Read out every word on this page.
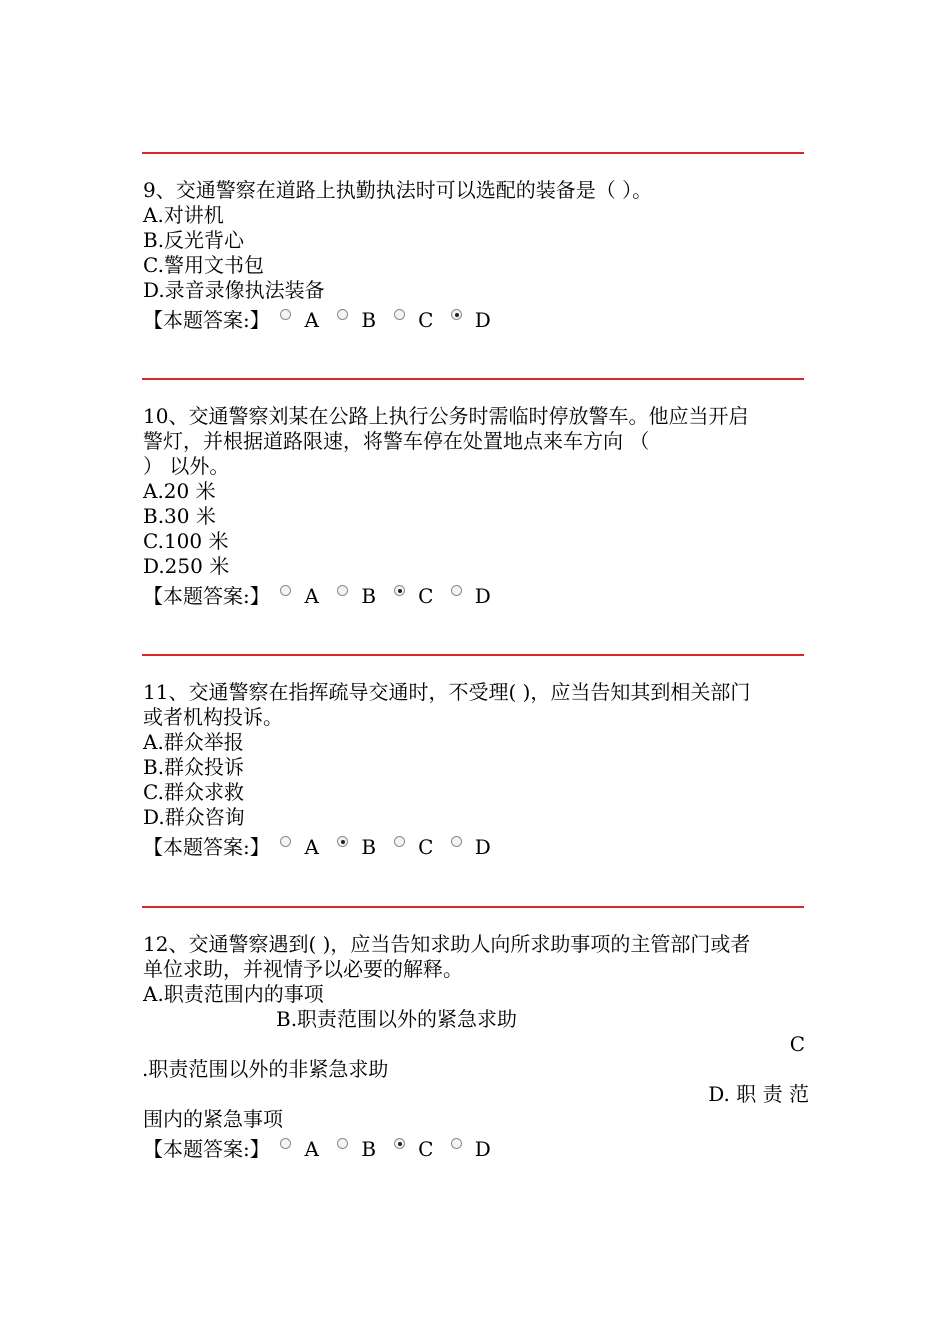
9、交通警察在道路上执勤执法时可以选配的装备是（ ）。
A.对讲机
B.反光背心
C.警用文书包
D.录音录像执法装备
【本题答案:】	A	B	C	D
10、交通警察刘某在公路上执行公务时需临时停放警车。他应当开启
警灯，并根据道路限速，将警车停在处置地点来车方向 （
） 以外。
A.20 米
B.30 米
C.100 米
D.250 米
【本题答案:】	A	B	C	D
11、交通警察在指挥疏导交通时，不受理( )，应当告知其到相关部门
或者机构投诉。
A.群众举报
B.群众投诉
C.群众求救
D.群众咨询
【本题答案:】	A	B	C	D
12、交通警察遇到( )，应当告知求助人向所求助事项的主管部门或者
单位求助，并视情予以必要的解释。
A.职责范围内的事项
B.职责范围以外的紧急求助
C
.职责范围以外的非紧急求助
D. 职 责 范
围内的紧急事项
【本题答案:】	A	B	C	D
